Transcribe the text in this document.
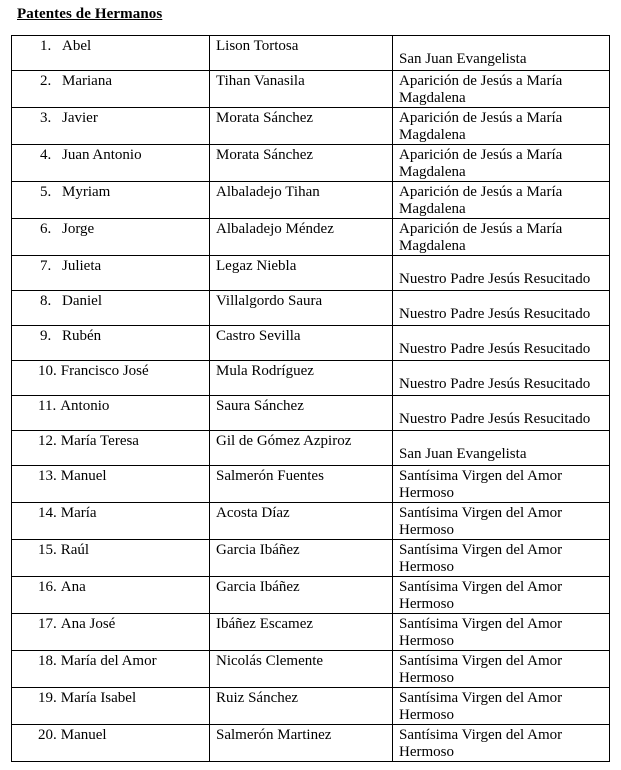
Patentes de Hermanos
1. Abel	Lison Tortosa	San Juan Evangelista
2. Mariana	Tihan Vanasila	Aparición de Jesús a María Magdalena
3. Javier	Morata Sánchez	Aparición de Jesús a María Magdalena
4. Juan Antonio	Morata Sánchez	Aparición de Jesús a María Magdalena
5. Myriam	Albaladejo Tihan	Aparición de Jesús a María Magdalena
6. Jorge	Albaladejo Méndez	Aparición de Jesús a María Magdalena
7. Julieta	Legaz Niebla	Nuestro Padre Jesús Resucitado
8. Daniel	Villalgordo Saura	Nuestro Padre Jesús Resucitado
9. Rubén	Castro Sevilla	Nuestro Padre Jesús Resucitado
10. Francisco José	Mula Rodríguez	Nuestro Padre Jesús Resucitado
11. Antonio	Saura Sánchez	Nuestro Padre Jesús Resucitado
12. María Teresa	Gil de Gómez Azpiroz	San Juan Evangelista
13. Manuel	Salmerón Fuentes	Santísima Virgen del Amor Hermoso
14. María	Acosta Díaz	Santísima Virgen del Amor Hermoso
15. Raúl	Garcia Ibáñez	Santísima Virgen del Amor Hermoso
16. Ana	Garcia Ibáñez	Santísima Virgen del Amor Hermoso
17. Ana José	Ibáñez Escamez	Santísima Virgen del Amor Hermoso
18. María del Amor	Nicolás Clemente	Santísima Virgen del Amor Hermoso
19. María Isabel	Ruiz Sánchez	Santísima Virgen del Amor Hermoso
20. Manuel	Salmerón Martinez	Santísima Virgen del Amor Hermoso
